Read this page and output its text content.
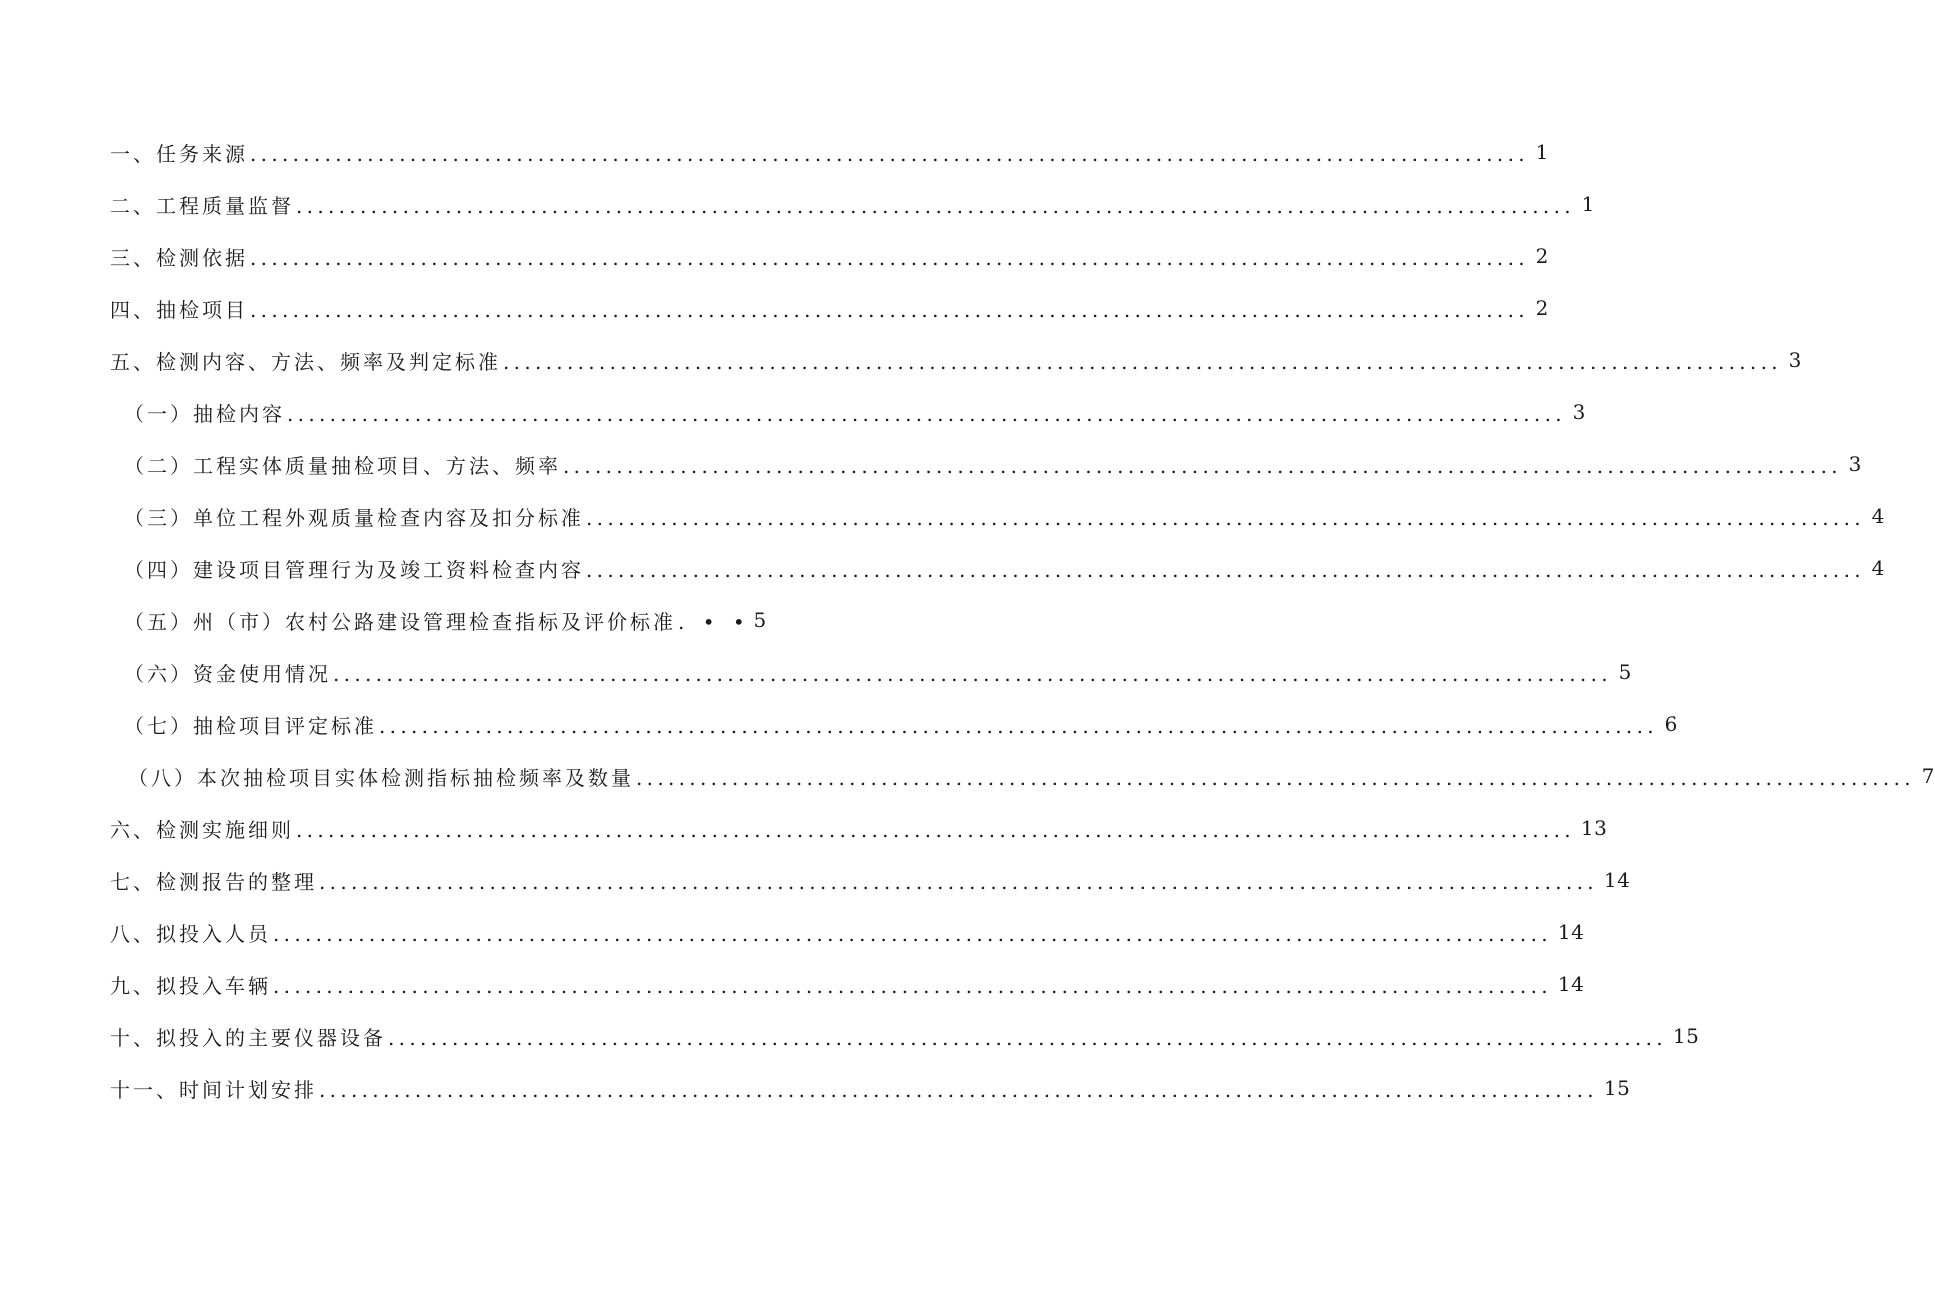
一、任务来源 ........................................................................................................................ 1
二、工程质量监督 ........................................................................................................................ 1
三、检测依据 ........................................................................................................................ 2
四、抽检项目 ........................................................................................................................ 2
五、检测内容、方法、频率及判定标准 ........................................................................................................................ 3
（一）抽检内容 ........................................................................................................................ 3
（二）工程实体质量抽检项目、方法、频率 ........................................................................................................................ 3
（三）单位工程外观质量检查内容及扣分标准 ........................................................................................................................ 4
（四）建设项目管理行为及竣工资料检查内容 ........................................................................................................................ 4
（五）州（市）农村公路建设管理检查指标及评价标准 . • • 5
（六）资金使用情况 ........................................................................................................................ 5
（七）抽检项目评定标准 ........................................................................................................................ 6
（八）本次抽检项目实体检测指标抽检频率及数量 ........................................................................................................................ 7
六、检测实施细则 ........................................................................................................................ 13
七、检测报告的整理 ........................................................................................................................ 14
八、拟投入人员 ........................................................................................................................ 14
九、拟投入车辆 ........................................................................................................................ 14
十、拟投入的主要仪器设备 ........................................................................................................................ 15
十一、时间计划安排 ........................................................................................................................ 15
